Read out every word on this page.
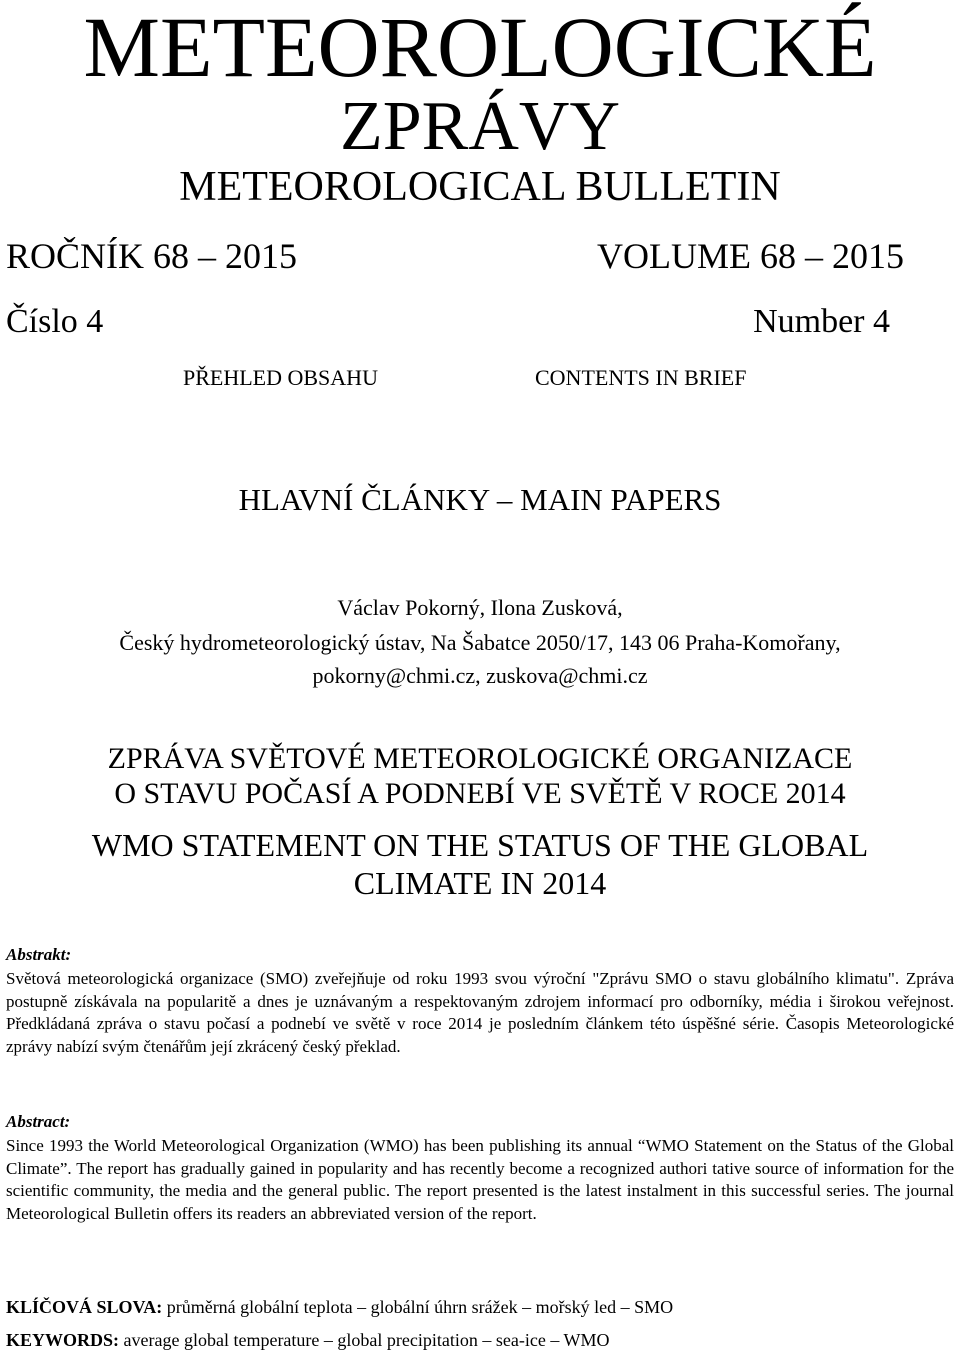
METEOROLOGICKÉ
ZPRÁVY
METEOROLOGICAL BULLETIN
ROČNÍK 68 – 2015	VOLUME 68 – 2015
Číslo 4	Number 4
PŘEHLED OBSAHU	CONTENTS IN BRIEF
HLAVNÍ ČLÁNKY – MAIN PAPERS
Václav Pokorný, Ilona Zusková,
Český hydrometeorologický ústav, Na Šabatce 2050/17, 143 06 Praha-Komořany,
pokorny@chmi.cz, zuskova@chmi.cz
ZPRÁVA SVĚTOVÉ METEOROLOGICKÉ ORGANIZACE
O STAVU POČASÍ A PODNEBÍ VE SVĚTĚ V ROCE 2014
WMO STATEMENT ON THE STATUS OF THE GLOBAL
CLIMATE IN 2014
Abstrakt:

Světová meteorologická organizace (SMO) zveřejňuje od roku 1993 svou výroční "Zprávu SMO o stavu globálního klimatu". Zpráva postupně získávala na popularitě a dnes je uznávaným a respektovaným zdrojem informací pro odborníky, média i širokou veřejnost. Předkládaná zpráva o stavu počasí a podnebí ve světě v roce 2014 je posledním článkem této úspěšné série. Časopis Meteorologické zprávy nabízí svým čtenářům její zkrácený český překlad.

Abstract:

Since 1993 the World Meteorological Organization (WMO) has been publishing its annual “WMO Statement on the Status of the Global Climate”. The report has gradually gained in popularity and has recently become a recognized authori tative source of information for the scientific community, the media and the general public. The report presented is the latest instalment in this successful series. The journal Meteorological Bulletin offers its readers an abbreviated version of the report.

KLÍČOVÁ SLOVA: průměrná globální teplota – globální úhrn srážek – mořský led – SMO
KEYWORDS: average global temperature – global precipitation – sea-ice – WMO
